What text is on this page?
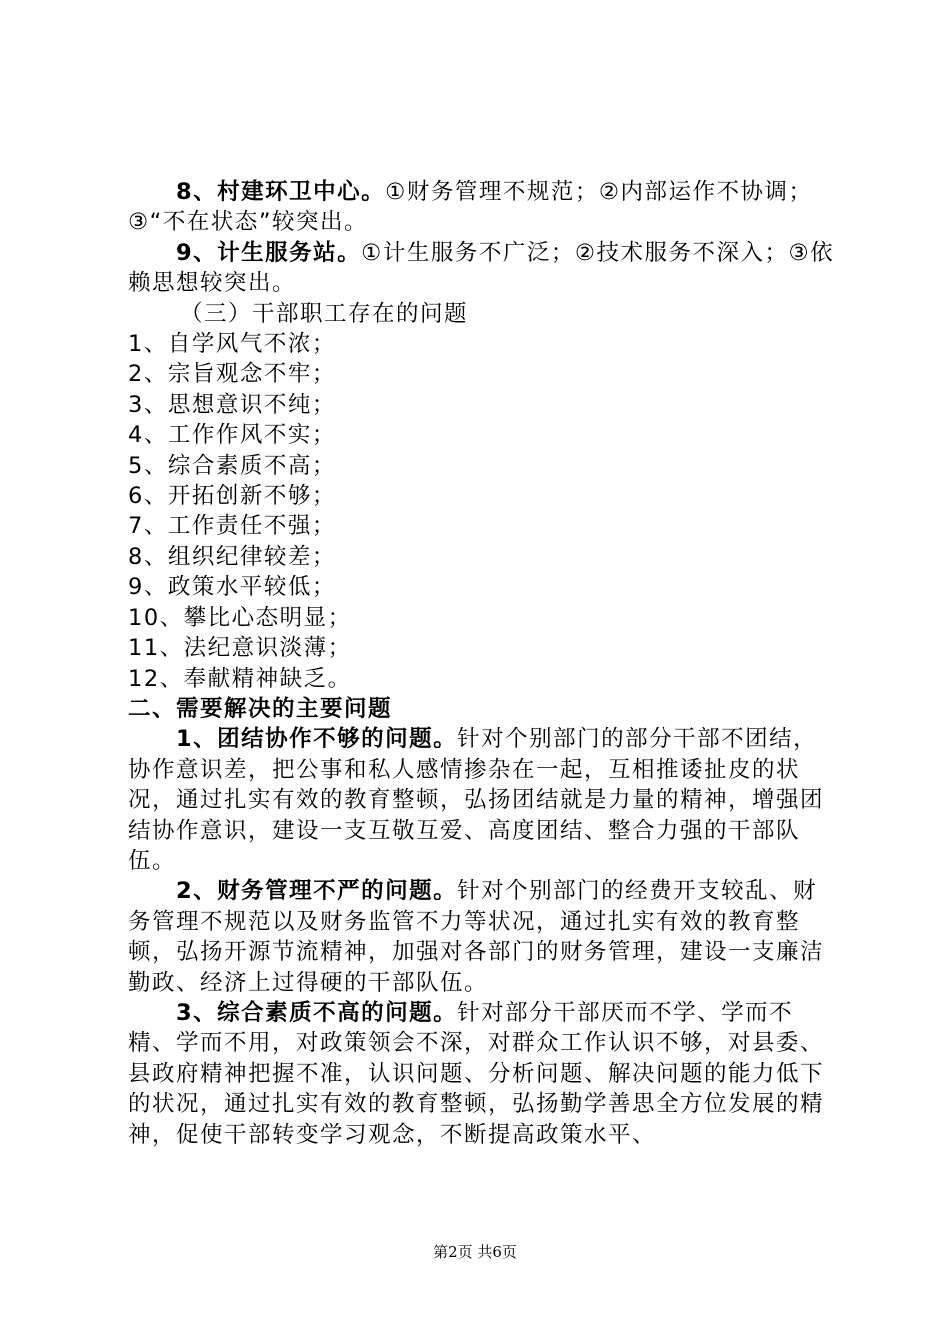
8、村建环卫中心。①财务管理不规范；②内部运作不协调；③“不在状态”较突出。

9、计生服务站。①计生服务不广泛；②技术服务不深入；③依赖思想较突出。

（三）干部职工存在的问题

1、自学风气不浓；

2、宗旨观念不牢；

3、思想意识不纯；

4、工作作风不实；

5、综合素质不高；

6、开拓创新不够；

7、工作责任不强；

8、组织纪律较差；

9、政策水平较低；

10、攀比心态明显；

11、法纪意识淡薄；

12、奉献精神缺乏。

二、需要解决的主要问题

1、团结协作不够的问题。针对个别部门的部分干部不团结，协作意识差，把公事和私人感情掺杂在一起，互相推诿扯皮的状况，通过扎实有效的教育整顿，弘扬团结就是力量的精神，增强团结协作意识，建设一支互敬互爱、高度团结、整合力强的干部队伍。

2、财务管理不严的问题。针对个别部门的经费开支较乱、财务管理不规范以及财务监管不力等状况，通过扎实有效的教育整顿，弘扬开源节流精神，加强对各部门的财务管理，建设一支廉洁勤政、经济上过得硬的干部队伍。

3、综合素质不高的问题。针对部分干部厌而不学、学而不精、学而不用，对政策领会不深，对群众工作认识不够，对县委、县政府精神把握不准，认识问题、分析问题、解决问题的能力低下的状况，通过扎实有效的教育整顿，弘扬勤学善思全方位发展的精神，促使干部转变学习观念，不断提高政策水平、

第2页 共6页
